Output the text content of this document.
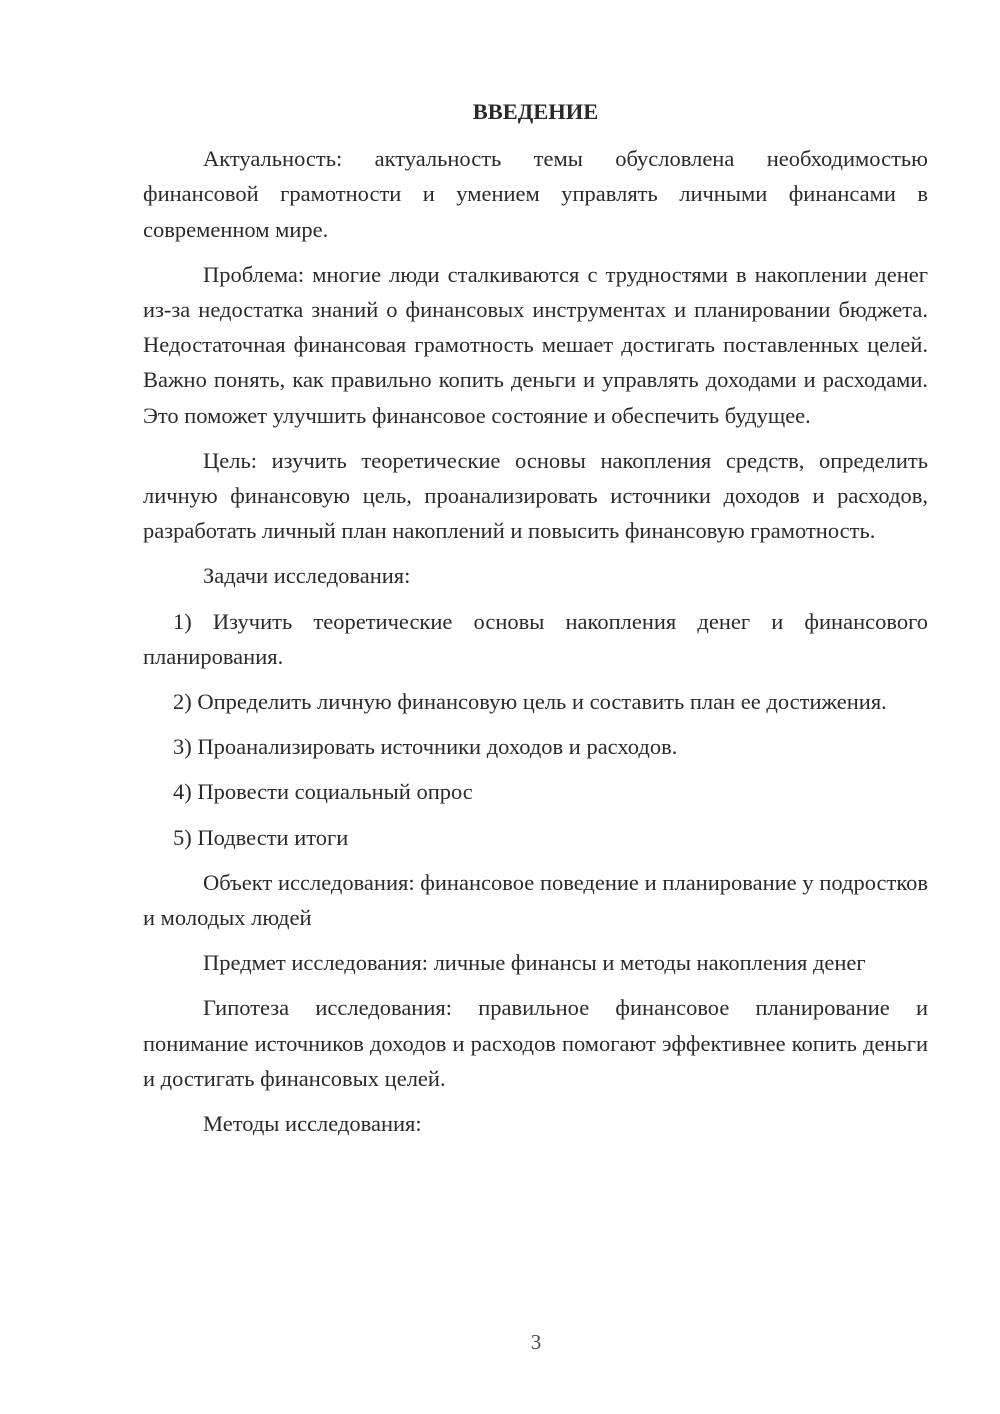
ВВЕДЕНИЕ

Актуальность: актуальность темы обусловлена необходимостью финансовой грамотности и умением управлять личными финансами в современном мире.

Проблема: многие люди сталкиваются с трудностями в накоплении денег из-за недостатка знаний о финансовых инструментах и планировании бюджета. Недостаточная финансовая грамотность мешает достигать поставленных целей. Важно понять, как правильно копить деньги и управлять доходами и расходами. Это поможет улучшить финансовое состояние и обеспечить будущее.

Цель: изучить теоретические основы накопления средств, определить личную финансовую цель, проанализировать источники доходов и расходов, разработать личный план накоплений и повысить финансовую грамотность.

Задачи исследования:

1) Изучить теоретические основы накопления денег и финансового планирования.

2) Определить личную финансовую цель и составить план ее достижения.

3) Проанализировать источники доходов и расходов.

4) Провести социальный опрос

5) Подвести итоги

Объект исследования: финансовое поведение и планирование у подростков и молодых людей

Предмет исследования: личные финансы и методы накопления денег

Гипотеза исследования: правильное финансовое планирование и понимание источников доходов и расходов помогают эффективнее копить деньги и достигать финансовых целей.

Методы исследования:

3
